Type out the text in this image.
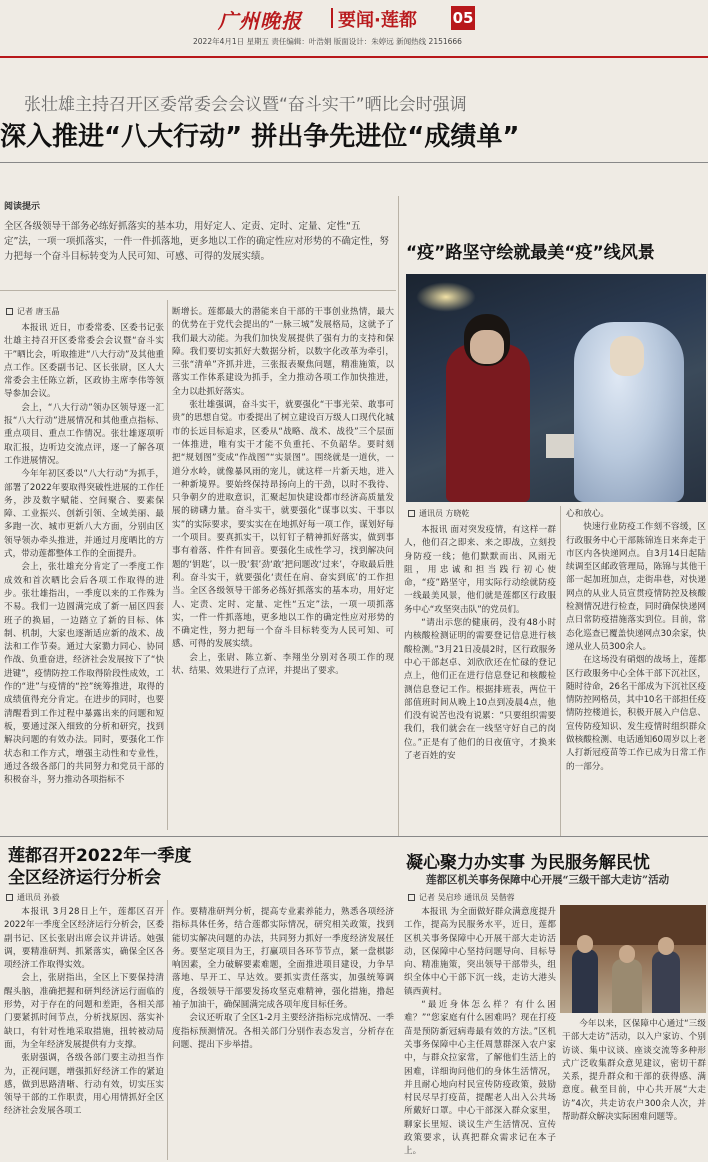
广州晚报 要闻·莲都 05
2022年4月1日 星期五 责任编辑：叶浩娟 版面设计：朱婷远 新闻热线 2151666
张壮雄主持召开区委常委会会议暨“奋斗实干”晒比会时强调
深入推进“八大行动” 拼出争先进位“成绩单”
阅读提示
全区各级领导干部务必练好抓落实的基本功，用好定人、定责、定时、定量、定性“五定”法，一项一项抓落实，一件一件抓落地，更多地以工作的确定性应对形势的不确定性，努力把每一个奋斗目标转变为人民可知、可感、可得的发展实绩。
记者 唐玉晶

本报讯 近日，市委常委、区委书记张壮雄主持召开区委常委会会议暨“奋斗实干”晒比会，听取推进“八大行动”及其他重点工作。区委副书记、区长张尉，区人大常委会主任陈立新，区政协主席李伟等领导参加会议。

会上，“八大行动”领办区领导逐一汇报“八大行动”进展情况和其他重点指标、重点项目、重点工作情况。张壮雄逐项听取汇报，边听边交流点评，逐一了解各项工作进展情况。

今年年初区委以“八大行动”为抓手，部署了2022年要取得突破性进展的工作任务，涉及数字赋能、空间聚合、要素保障、工业振兴、创新引领、全域美丽、最多跑一次、城市更新八大方面，分别由区领导领办牵头推进，并通过月度晒比的方式，带动莲都整体工作的全面提升。

会上，张壮雄充分肯定了一季度工作成效和首次晒比会后各项工作取得的进步。张壮雄指出，一季度以来的工作殊为不易。我们一边圆满完成了新一届区四套班子的换届，一边踏立了新的目标、体制、机制，大家也逐渐适应新的战术、战法和工作节奏。通过大家勠力同心、协同作战、负重奋进，经济社会发展按下了“快进键”，疫情防控工作取得阶段性成效，工作的“进”与疫情的“控”统筹推进，取得的成绩值得充分肯定。在进步的同时，也要清醒看到工作过程中暴露出来的问题和短板，要通过深入细致的分析和研究，找到解决问题的有效办法。同时，要强化工作状态和工作方式，增强主动性和专业性，通过各级各部门的共同努力和党员干部的积极奋斗，努力推动各项指标不

断增长。莲都最大的潜能来自干部的干事创业热情，最大的优势在于党代会提出的“一脉三城”发展格局，这就予了我们最大动能。为我们加快发展提供了强有力的支持和保障。我们要切实抓好大数据分析，以数字化改革为牵引，三张“清单”齐抓并进，三张报表聚焦问题，精准施策，以落实工作体系建设为抓手，全力推动各项工作加快推进，全力以赴抓好落实。

张壮雄强调，奋斗实干，就要强化“干事光荣、敢事可贵”的思想自觉。市委提出了树立建设百万级人口现代化城市的长远目标追求，区委从“战略、战术、战役”三个层面一体推进，唯有实干才能不负重托、不负韶华。要时刻把“规划图”变成“作战图”“实景图”。围绕就是一道伙，一道分水岭，就像暴风雨的宠儿，就这样一片新天地，进入一种新境界。要始终保持昂扬向上的干劲，以时不我待、只争朝夕的进取意识，汇聚起加快建设都市经济高质量发展的磅礴力量。奋斗实干，就要强化“谋事以实、干事以实”的实际要求，要实实在在地抓好每一项工作，谋划好每一个项目。要真抓实干，以钉钉子精神抓好落实，做到事事有着落、件件有回音。要强化生成性学习，找到解决问题的‘钥匙’，以一股‘狠’劲‘敢’把问题改‘过来’，夺取最后胜利。奋斗实干，就要强化‘责任在肩、奋实到底’的工作担当。全区各级领导干部务必练好抓落实的基本功，用好定人、定责、定时、定量、定性“五定”法，一项一项抓落实，一件一件抓落地，更多地以工作的确定性应对形势的不确定性，努力把每一个奋斗目标转变为人民可知、可感、可得的发展实绩。

会上，张尉、陈立新、李翔坐分别对各项工作的现状、结果、效果进行了点评，并提出了要求。

“疫”路坚守绘就最美“疫”线风景
通讯员 方晓乾

本报讯 面对突发疫情，有这样一群人，他们召之即来、来之即战，立刻投身防疫一线；他们默默而出、风雨无阻，用忠诚和担当践行初心使命，“疫”路坚守，用实际行动绘就防疫一线最美风景，他们就是莲都区行政服务中心“攻坚突击队”的党员们。

“请出示您的健康码，没有48小时内核酸检测证明的需要登记信息进行核酸检测。”3月21日凌晨2时，区行政服务中心干部赵卓、刘欣欣还在忙碌的登记点上，他们正在进行信息登记和核酸检测信息登记工作。根据排班表，两位干部值班时间从晚上10点到凌晨4点，他们没有说苦也没有说累：“只要组织需要我们，我们就会在一线坚守好自己的岗位。”正是有了他们的日夜值守，才换来了老百姓的安

心和放心。

快速行业防疫工作刻不容缓，区行政服务中心干部陈锦连日来奔走于市区内各快递网点。自3月14日起陆续调至区邮政管理局，陈锦与其他干部一起加班加点，走街串巷，对快递网点的从业人员宣贯疫情防控及核酸检测情况进行检查，同时确保快递网点日常防疫措施落实到位。目前，常态化巡查已覆盖快递网点30余家，快递从业人员300余人。

在这场没有硝烟的战场上，莲都区行政服务中心全体干部下沉社区，随时待命，26名干部成为下沉社区疫情防控网格员，其中10名干部担任疫情防控楼道长，积极开展入户信息、宣传防疫知识、发生疫情时组织群众做核酸检测、电话通知60周岁以上老人打新冠疫苗等工作已成为日常工作的一部分。

凝心聚力办实事 为民服务解民忧
莲都区机关事务保障中心开展“三级干部大走访”活动
记者 吴启珍 通讯员 吴偕蓉

本报讯 为全面做好群众满意度提升工作，提高为民服务水平，近日，莲都区机关事务保障中心开展干部大走访活动，区保障中心坚持问题导向、目标导向、精准施策，突出领导干部带头，组织全体中心干部下沉一线，走访大港头镇西黄村。

“最近身体怎么样？有什么困难？”“您家庭有什么困难吗？现在打疫苗是预防新冠病毒最有效的方法。”区机关事务保障中心主任周慧群深入农户家中，与群众拉家常，了解他们生活上的困难，详细询问他们的身体生活情况，并且耐心地向村民宣传防疫政策，鼓励村民尽早打疫苗，提醒老人出入公共场所戴好口罩。中心干部深入群众家里，聊家长里短、谈议生产生活情况、宣传政策要求，认真把群众需求记在本子上。

今年以来，区保障中心通过“三级干部大走访”活动，以入户家访、个别访谈、集中议谈、座谈交流等多种形式广泛收集群众意见建议，密切干群关系，提升群众和干部的获得感、满意度。截至目前，中心共开展“大走访”4次，共走访农户300余人次，并帮助群众解决实际困难问题等。

莲都召开2022年一季度全区经济运行分析会
通讯员 孙毅

本报讯 3月28日上午，莲都区召开2022年一季度全区经济运行分析会，区委副书记、区长张尉出席会议并讲话。她强调，要精准研判、抓紧落实，确保全区各项经济工作取得实效。

会上，张尉指出，全区上下要保持清醒头脑，准确把握和研判经济运行面临的形势，对于存在的问题和差距，各相关部门要紧抓时间节点，分析找原因、落实补缺口，有针对性地采取措施，扭转被动局面，为全年经济发展提供有力支撑。

张尉强调，各级各部门要主动担当作为，正视问题，增强抓好经济工作的紧迫感，做到思路清晰、行动有效，切实压实领导干部的工作职责，用心用情抓好全区经济社会发展各项工

作。要精准研判分析，提高专业素养能力，熟悉各项经济指标具体任务，结合莲都实际情况，研究相关政策，找到能切实解决问题的办法，共同努力抓好一季度经济发展任务。要坚定项目为王，打赢项目各环节节点，紧一盘棋影响因素，全力破解要素难题，全面推进项目建设，力争早落地、早开工、早达效。要抓实责任落实，加强统筹调度，各级领导干部要发扬攻坚克难精神，强化措施，撸起袖子加油干，确保圆满完成各项年度目标任务。

会议还听取了全区1-2月主要经济指标完成情况、一季度指标预测情况。各相关部门分别作表态发言，分析存在问题、提出下步举措。
